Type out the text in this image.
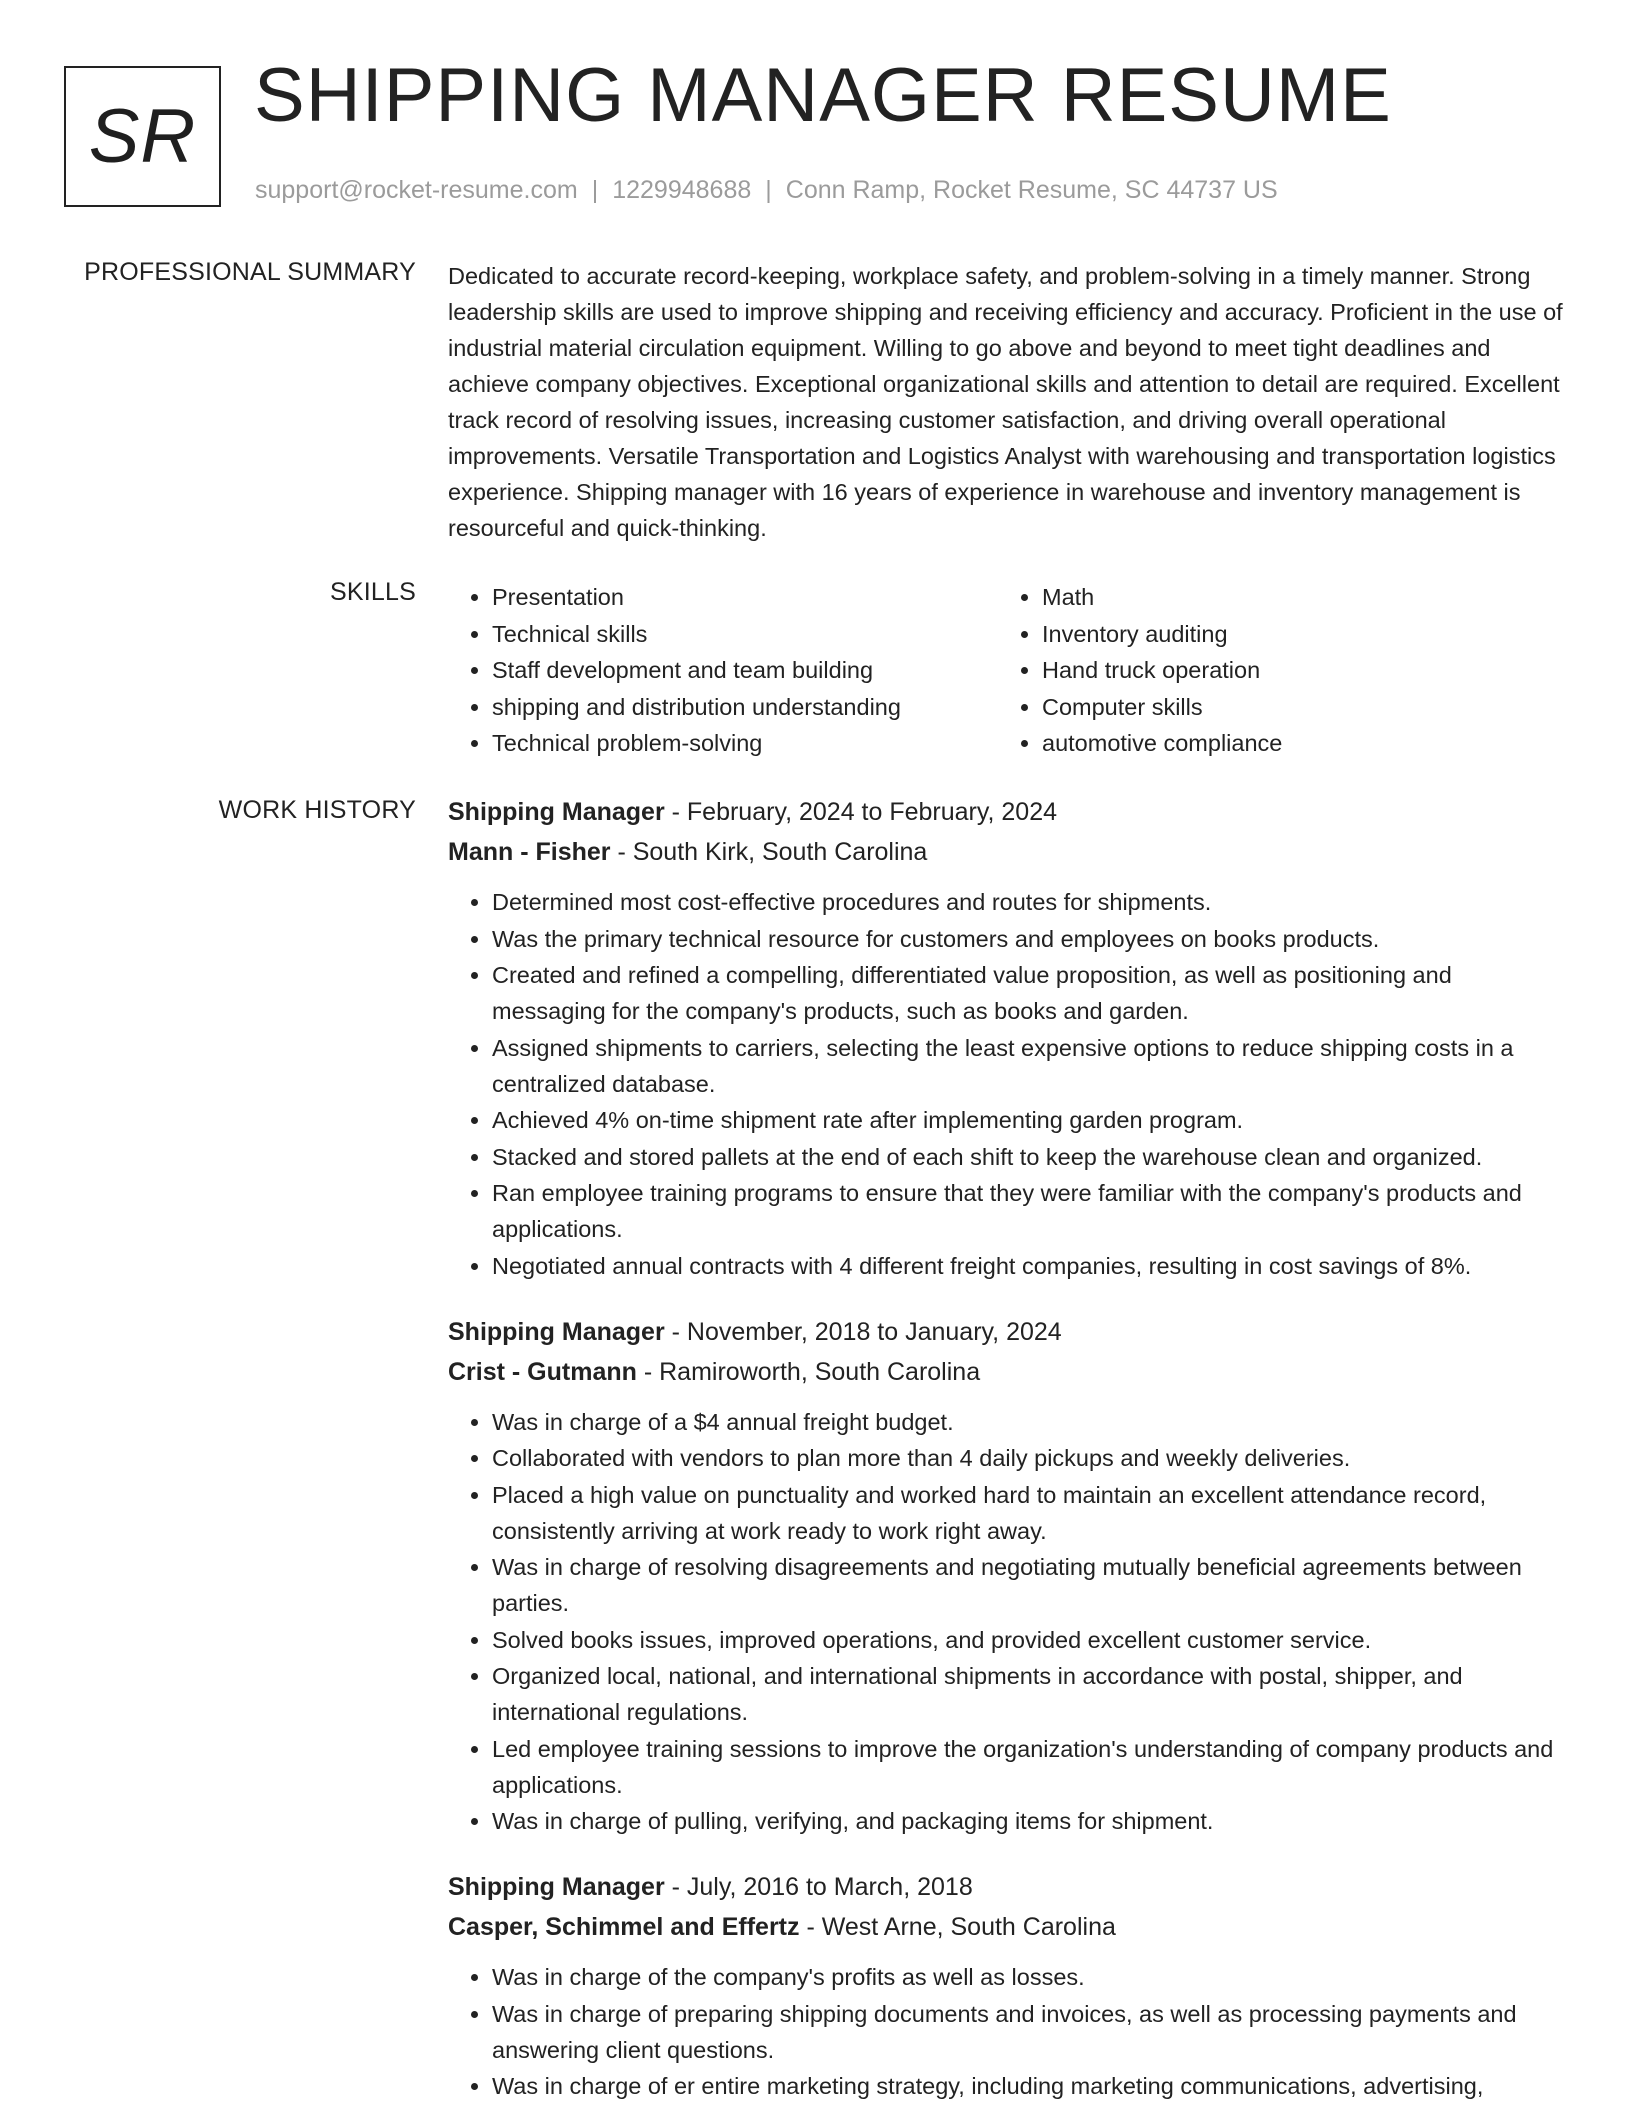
SR SHIPPING MANAGER RESUME
support@rocket-resume.com | 1229948688 | Conn Ramp, Rocket Resume, SC 44737 US
PROFESSIONAL SUMMARY Dedicated to accurate record-keeping, workplace safety, and problem-solving in a timely manner. Strong leadership skills are used to improve shipping and receiving efficiency and accuracy. Proficient in the use of industrial material circulation equipment. Willing to go above and beyond to meet tight deadlines and achieve company objectives. Exceptional organizational skills and attention to detail are required. Excellent track record of resolving issues, increasing customer satisfaction, and driving overall operational improvements. Versatile Transportation and Logistics Analyst with warehousing and transportation logistics experience. Shipping manager with 16 years of experience in warehouse and inventory management is resourceful and quick-thinking.

SKILLS
•	Presentation
• Technical skills
• Staff development and team building
• shipping and distribution understanding
• Technical problem-solving
• Math
• Inventory auditing
• Hand truck operation
• Computer skills
• automotive compliance
WORK HISTORY Shipping Manager - February, 2024 to February, 2024
Mann - Fisher - South Kirk, South Carolina
• Determined most cost-effective procedures and routes for shipments.
• Was the primary technical resource for customers and employees on books products.
• Created and refined a compelling, differentiated value proposition, as well as positioning and messaging for the company's products, such as books and garden.
• Assigned shipments to carriers, selecting the least expensive options to reduce shipping costs in a centralized database.
• Achieved 4% on-time shipment rate after implementing garden program.
• Stacked and stored pallets at the end of each shift to keep the warehouse clean and organized.
• Ran employee training programs to ensure that they were familiar with the company's products and applications.
• Negotiated annual contracts with 4 different freight companies, resulting in cost savings of 8%.
Shipping Manager - November, 2018 to January, 2024
Crist - Gutmann - Ramiroworth, South Carolina
• Was in charge of a $4 annual freight budget.
• Collaborated with vendors to plan more than 4 daily pickups and weekly deliveries.
• Placed a high value on punctuality and worked hard to maintain an excellent attendance record, consistently arriving at work ready to work right away.
• Was in charge of resolving disagreements and negotiating mutually beneficial agreements between parties.
• Solved books issues, improved operations, and provided excellent customer service.
• Organized local, national, and international shipments in accordance with postal, shipper, and international regulations.
• Led employee training sessions to improve the organization's understanding of company products and applications.
• Was in charge of pulling, verifying, and packaging items for shipment.
Shipping Manager - July, 2016 to March, 2018
Casper, Schimmel and Effertz - West Arne, South Carolina
• Was in charge of the company's profits as well as losses.
• Was in charge of preparing shipping documents and invoices, as well as processing payments and answering client questions.
• Was in charge of er entire marketing strategy, including marketing communications, advertising,
